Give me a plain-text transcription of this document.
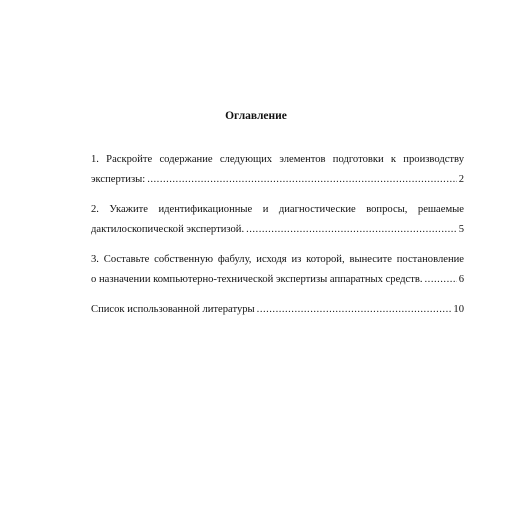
Оглавление
1. Раскройте содержание следующих элементов подготовки к производству
экспертизы: .....	2
2. Укажите идентификационные и диагностические вопросы, решаемые
дактилоскопической экспертизой. .....	5
3. Составьте собственную фабулу, исходя из которой, вынесите постановление
о назначении компьютерно-технической экспертизы аппаратных средств. .....	6
Список использованной литературы .....	10
